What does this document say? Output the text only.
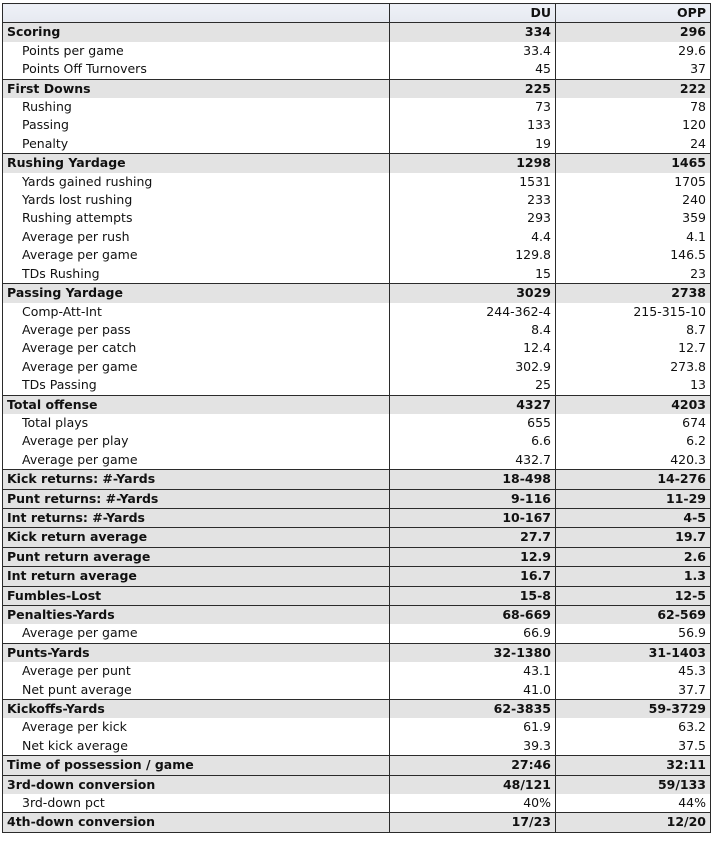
	DU	OPP
Scoring	334	296
Points per game	33.4	29.6
Points Off Turnovers	45	37
First Downs	225	222
Rushing	73	78
Passing	133	120
Penalty	19	24
Rushing Yardage	1298	1465
Yards gained rushing	1531	1705
Yards lost rushing	233	240
Rushing attempts	293	359
Average per rush	4.4	4.1
Average per game	129.8	146.5
TDs Rushing	15	23
Passing Yardage	3029	2738
Comp-Att-Int	244-362-4	215-315-10
Average per pass	8.4	8.7
Average per catch	12.4	12.7
Average per game	302.9	273.8
TDs Passing	25	13
Total offense	4327	4203
Total plays	655	674
Average per play	6.6	6.2
Average per game	432.7	420.3
Kick returns: #-Yards	18-498	14-276
Punt returns: #-Yards	9-116	11-29
Int returns: #-Yards	10-167	4-5
Kick return average	27.7	19.7
Punt return average	12.9	2.6
Int return average	16.7	1.3
Fumbles-Lost	15-8	12-5
Penalties-Yards	68-669	62-569
Average per game	66.9	56.9
Punts-Yards	32-1380	31-1403
Average per punt	43.1	45.3
Net punt average	41.0	37.7
Kickoffs-Yards	62-3835	59-3729
Average per kick	61.9	63.2
Net kick average	39.3	37.5
Time of possession / game	27:46	32:11
3rd-down conversion	48/121	59/133
3rd-down pct	40%	44%
4th-down conversion	17/23	12/20
